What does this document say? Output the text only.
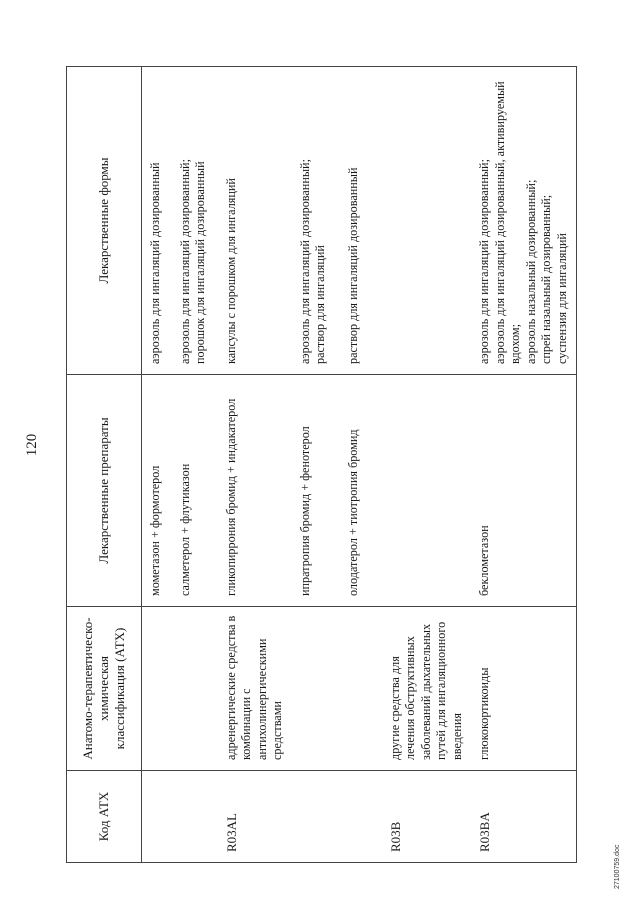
120
Код АТХ	Анатомо-терапевтическо-химическая классификация (АТХ)	Лекарственные препараты	Лекарственные формы
		мометазон + формотерол	аэрозоль для ингаляций дозированный

		салметерол + флутиказон	аэрозоль для ингаляций дозированный; порошок для ингаляций дозированный

R03AL	адренергические средства в комбинации с антихолинергическими средствами	гликопиррония бромид + индакатерол	капсулы с порошком для ингаляций

		ипратропия бромид + фенотерол	аэрозоль для ингаляций дозированный; раствор для ингаляций

		олодатерол + тиотропия бромид	раствор для ингаляций дозированный

R03B	другие средства для лечения обструктивных заболеваний дыхательных путей для ингаляционного введения		
R03BA	глюкокортикоиды	беклометазон	аэрозоль для ингаляций дозированный; аэрозоль для ингаляций дозированный, активируемый вдохом; аэрозоль назальный дозированный; спрей назальный дозированный; суспензия для ингаляций
27100759.doc
